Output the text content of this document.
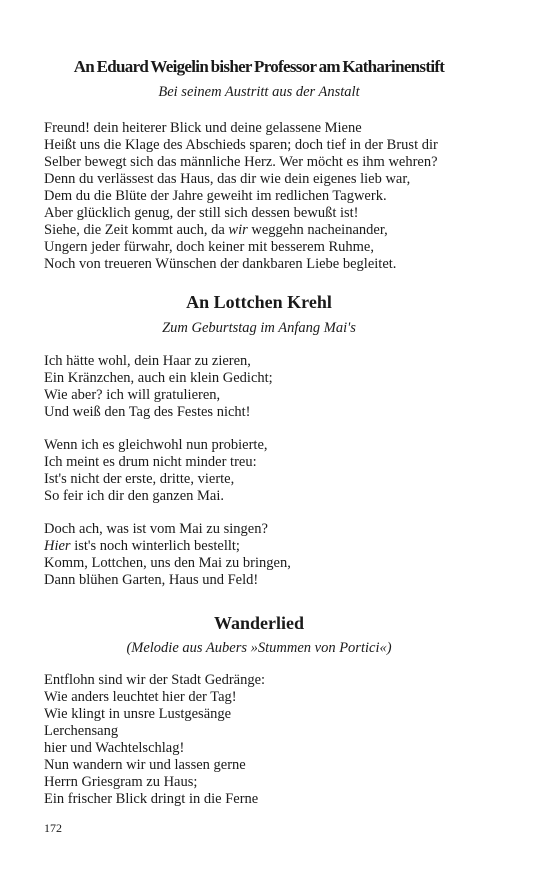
An Eduard Weigelin bisher Professor am Katharinenstift

Bei seinem Austritt aus der Anstalt

Freund! dein heiterer Blick und deine gelassene Miene
Heißt uns die Klage des Abschieds sparen; doch tief in der Brust dir
Selber bewegt sich das männliche Herz. Wer möcht es ihm wehren?
Denn du verlässest das Haus, das dir wie dein eigenes lieb war,
Dem du die Blüte der Jahre geweiht im redlichen Tagwerk.
Aber glücklich genug, der still sich dessen bewußt ist!
Siehe, die Zeit kommt auch, da wir weggehn nacheinander,
Ungern jeder fürwahr, doch keiner mit besserem Ruhme,
Noch von treueren Wünschen der dankbaren Liebe begleitet.
An Lottchen Krehl

Zum Geburtstag im Anfang Mai's

Ich hätte wohl, dein Haar zu zieren,
Ein Kränzchen, auch ein klein Gedicht;
Wie aber? ich will gratulieren,
Und weiß den Tag des Festes nicht!
Wenn ich es gleichwohl nun probierte,
Ich meint es drum nicht minder treu:
Ist's nicht der erste, dritte, vierte,
So feir ich dir den ganzen Mai.
Doch ach, was ist vom Mai zu singen?
Hier ist's noch winterlich bestellt;
Komm, Lottchen, uns den Mai zu bringen,
Dann blühen Garten, Haus und Feld!
Wanderlied

(Melodie aus Aubers »Stummen von Portici«)

Entflohn sind wir der Stadt Gedränge:
Wie anders leuchtet hier der Tag!
Wie klingt in unsre Lustgesänge
Lerchensang
hier und Wachtelschlag!
Nun wandern wir und lassen gerne
Herrn Griesgram zu Haus;
Ein frischer Blick dringt in die Ferne
172
